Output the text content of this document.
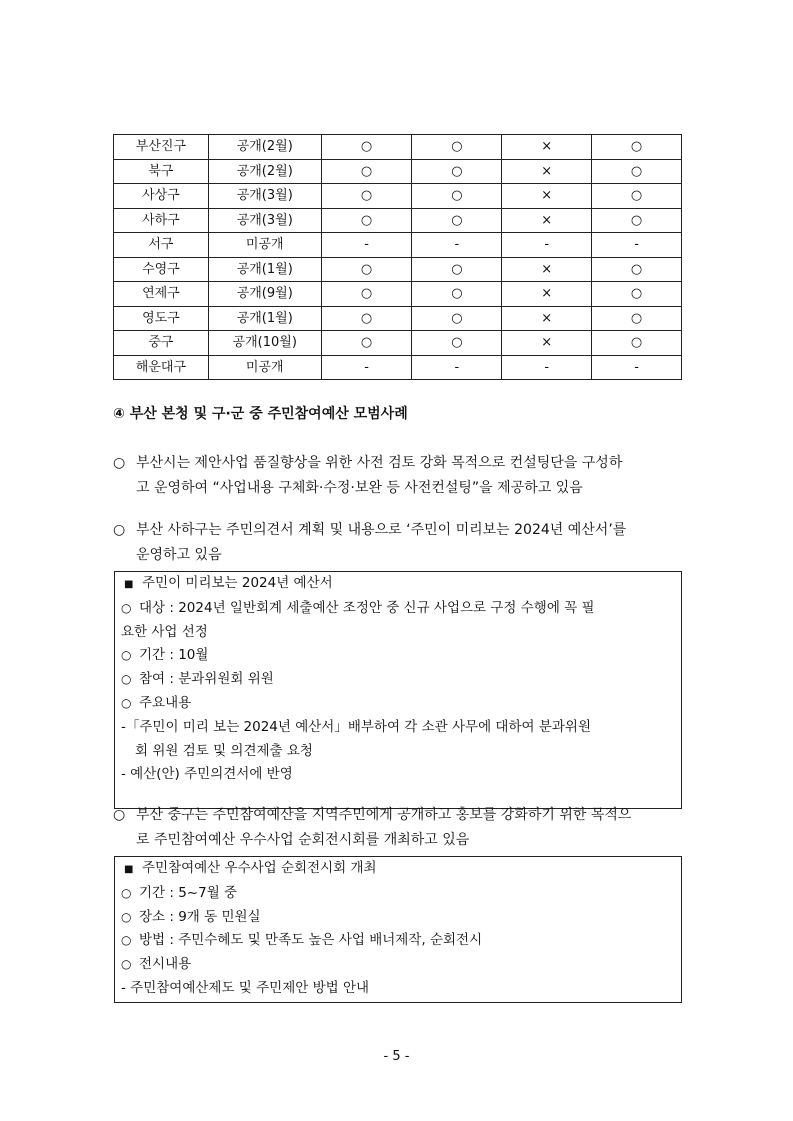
부산진구	공개(2월)	○	○	×	○
북구	공개(2월)	○	○	×	○
사상구	공개(3월)	○	○	×	○
사하구	공개(3월)	○	○	×	○
서구	미공개	-	-	-	-
수영구	공개(1월)	○	○	×	○
연제구	공개(9월)	○	○	×	○
영도구	공개(1월)	○	○	×	○
중구	공개(10월)	○	○	×	○
해운대구	미공개	-	-	-	-
④ 부산 본청 및 구·군 중 주민참여예산 모범사례
○ 부산시는 제안사업 품질향상을 위한 사전 검토 강화 목적으로 컨설팅단을 구성하
고 운영하여 “사업내용 구체화·수정·보완 등 사전컨설팅”을 제공하고 있음
○ 부산 사하구는 주민의견서 계획 및 내용으로 ‘주민이 미리보는 2024년 예산서’를
운영하고 있음
■ 주민이 미리보는 2024년 예산서
○ 대상 : 2024년 일반회계 세출예산 조정안 중 신규 사업으로 구정 수행에 꼭 필
요한 사업 선정
○ 기간 : 10월
○ 참여 : 분과위원회 위원
○ 주요내용
-「주민이 미리 보는 2024년 예산서」배부하여 각 소관 사무에 대하여 분과위원
회 위원 검토 및 의견제출 요청
- 예산(안) 주민의견서에 반영
○ 부산 중구는 주민참여예산을 지역주민에게 공개하고 홍보를 강화하기 위한 목적으
로 주민참여예산 우수사업 순회전시회를 개최하고 있음
■ 주민참여예산 우수사업 순회전시회 개최
○ 기간 : 5~7월 중
○ 장소 : 9개 동 민원실
○ 방법 : 주민수혜도 및 만족도 높은 사업 배너제작, 순회전시
○ 전시내용
- 주민참여예산제도 및 주민제안 방법 안내
- 5 -
